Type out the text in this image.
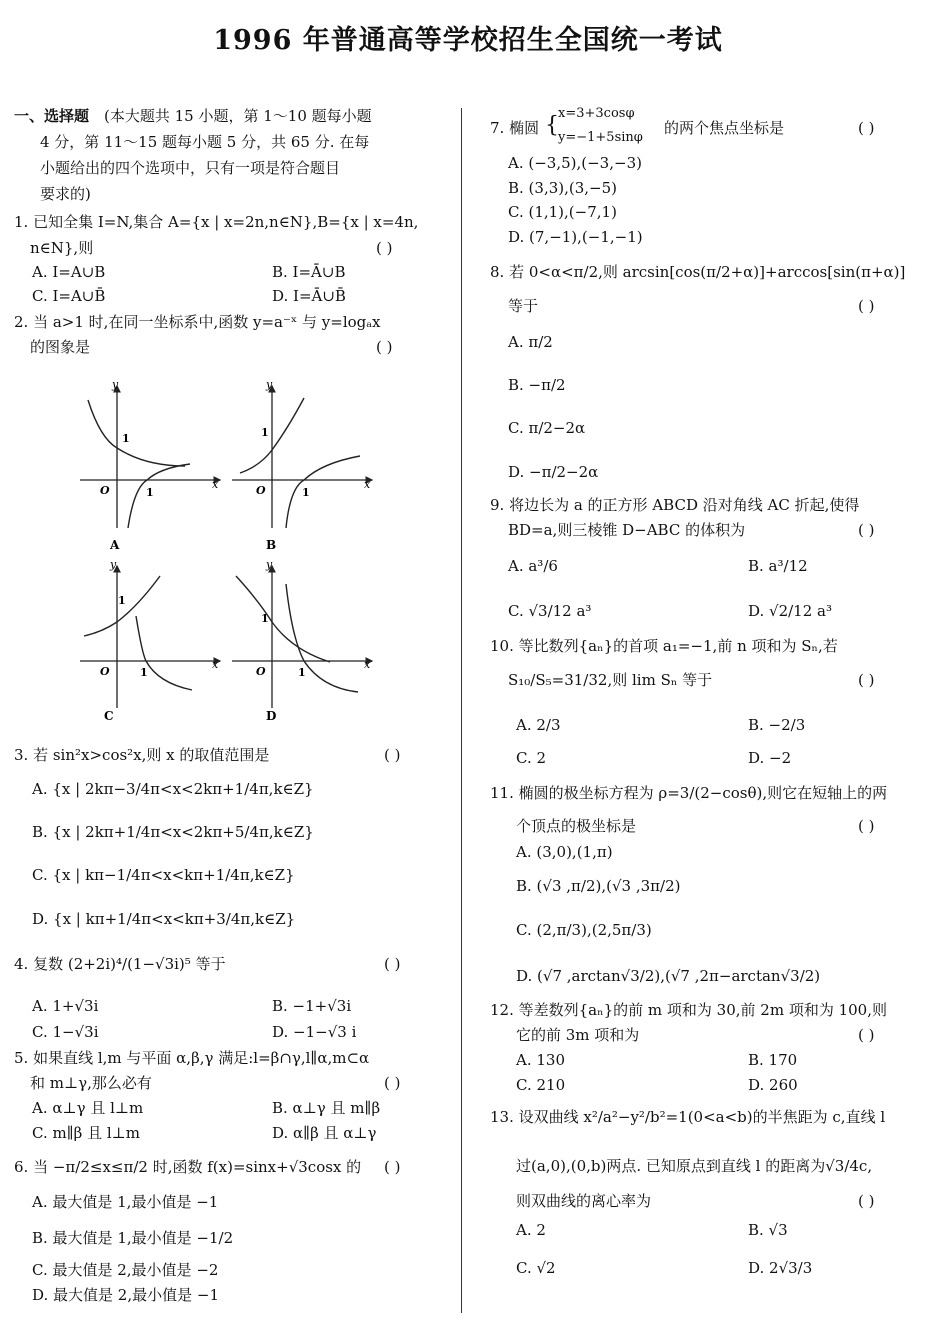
1996 年普通高等学校招生全国统一考试
一、选择题 (本大题共 15 小题，第 1～10 题每小题
4 分，第 11～15 题每小题 5 分，共 65 分. 在每
小题给出的四个选项中，只有一项是符合题目
要求的)
1. 已知全集 I=N,集合 A={x | x=2n,n∈N},B={x | x=4n,
n∈N},则	( )
A. I=A∪B	B. I=Ā∪B
C. I=A∪B̄	D. I=Ā∪B̄
2. 当 a>1 时,在同一坐标系中,函数 y=a⁻ˣ 与 y=logₐx
的图象是	( )
y
x
O
1
1
A
y
x
O
1
1
B
y
x
O
1
1
C
y
x
O
1
1
D
3. 若 sin²x>cos²x,则 x 的取值范围是	( )
A. {x | 2kπ−3/4π<x<2kπ+1/4π,k∈Z}
B. {x | 2kπ+1/4π<x<2kπ+5/4π,k∈Z}
C. {x | kπ−1/4π<x<kπ+1/4π,k∈Z}
D. {x | kπ+1/4π<x<kπ+3/4π,k∈Z}
4. 复数 (2+2i)⁴/(1−√3i)⁵ 等于	( )
A. 1+√3i	B. −1+√3i
C. 1−√3i	D. −1−√3 i
5. 如果直线 l,m 与平面 α,β,γ 满足:l=β∩γ,l∥α,m⊂α
和 m⊥γ,那么必有	( )
A. α⊥γ 且 l⊥m	B. α⊥γ 且 m∥β
C. m∥β 且 l⊥m	D. α∥β 且 α⊥γ
6. 当 −π/2≤x≤π/2 时,函数 f(x)=sinx+√3cosx 的 ( )
A. 最大值是 1,最小值是 −1
B. 最大值是 1,最小值是 −1/2
C. 最大值是 2,最小值是 −2
D. 最大值是 2,最小值是 −1
7. 椭圆 { x=3+3cosφ
y=−1+5sinφ
的两个焦点坐标是	( )
A. (−3,5),(−3,−3)
B. (3,3),(3,−5)
C. (1,1),(−7,1)
D. (7,−1),(−1,−1)
8. 若 0<α<π/2,则 arcsin[cos(π/2+α)]+arccos[sin(π+α)]
等于	( )
A. π/2
B. −π/2
C. π/2−2α
D. −π/2−2α
9. 将边长为 a 的正方形 ABCD 沿对角线 AC 折起,使得
BD=a,则三棱锥 D−ABC 的体积为	( )
A. a³/6	B. a³/12
C. √3/12 a³	D. √2/12 a³
10. 等比数列{aₙ}的首项 a₁=−1,前 n 项和为 Sₙ,若
S₁₀/S₅=31/32,则 lim Sₙ 等于	( )
A. 2/3	B. −2/3
C. 2	D. −2
11. 椭圆的极坐标方程为 ρ=3/(2−cosθ),则它在短轴上的两
个顶点的极坐标是	( )
A. (3,0),(1,π)
B. (√3 ,π/2),(√3 ,3π/2)
C. (2,π/3),(2,5π/3)
D. (√7 ,arctan√3/2),(√7 ,2π−arctan√3/2)
12. 等差数列{aₙ}的前 m 项和为 30,前 2m 项和为 100,则
它的前 3m 项和为	( )
A. 130	B. 170
C. 210	D. 260
13. 设双曲线 x²/a²−y²/b²=1(0<a<b)的半焦距为 c,直线 l
过(a,0),(0,b)两点. 已知原点到直线 l 的距离为√3/4c,
则双曲线的离心率为	( )
A. 2	B. √3
C. √2	D. 2√3/3
